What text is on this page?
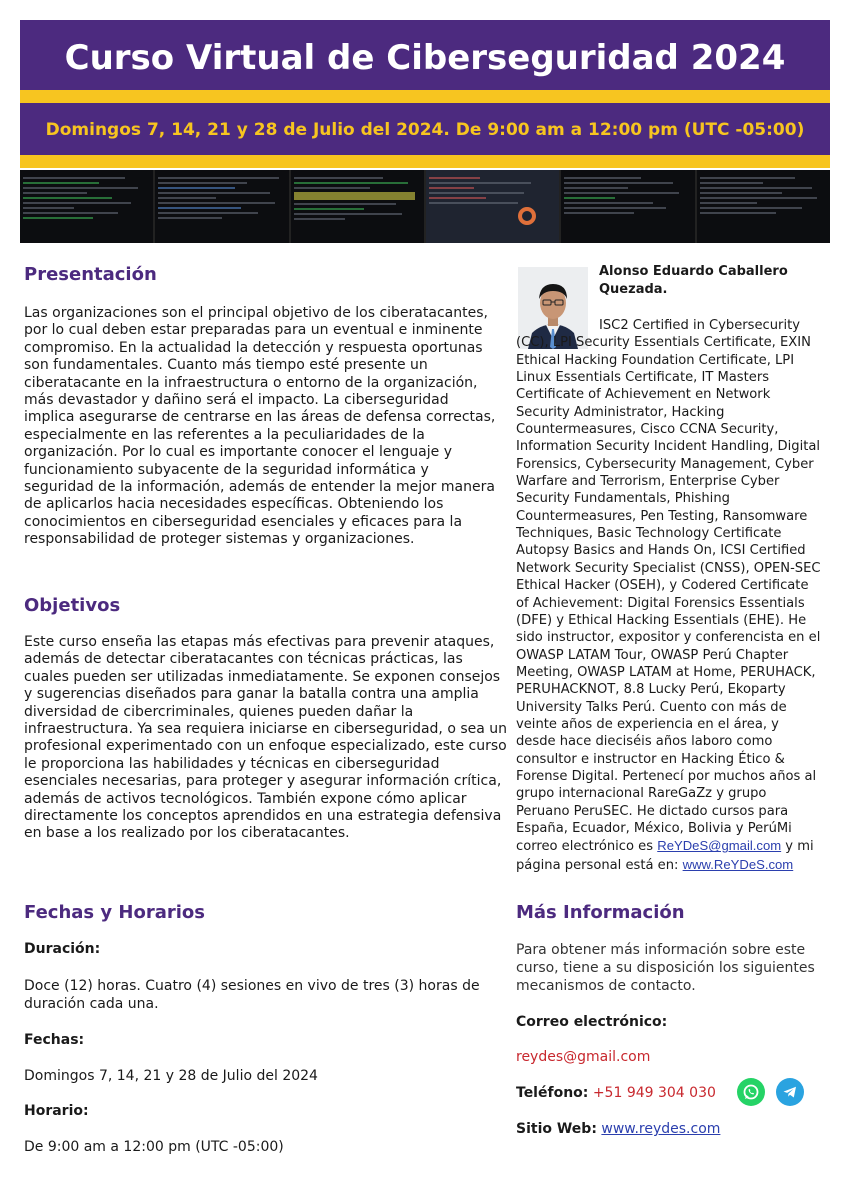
Curso Virtual de Ciberseguridad 2024
Domingos 7, 14, 21 y 28 de Julio del 2024. De 9:00 am a 12:00 pm (UTC -05:00)
Presentación

Las organizaciones son el principal objetivo de los ciberatacantes, por lo cual deben estar preparadas para un eventual e inminente compromiso. En la actualidad la detección y respuesta oportunas son fundamentales. Cuanto más tiempo esté presente un ciberatacante en la infraestructura o entorno de la organización, más devastador y dañino será el impacto. La ciberseguridad implica asegurarse de centrarse en las áreas de defensa correctas, especialmente en las referentes a la peculiaridades de la organización. Por lo cual es importante conocer el lenguaje y funcionamiento subyacente de la seguridad informática y seguridad de la información, además de entender la mejor manera de aplicarlos hacia necesidades específicas. Obteniendo los conocimientos en ciberseguridad esenciales y eficaces para la responsabilidad de proteger sistemas y organizaciones.

Objetivos

Este curso enseña las etapas más efectivas para prevenir ataques, además de detectar ciberatacantes con técnicas prácticas, las cuales pueden ser utilizadas inmediatamente. Se exponen consejos y sugerencias diseñados para ganar la batalla contra una amplia diversidad de cibercriminales, quienes pueden dañar la infraestructura. Ya sea requiera iniciarse en ciberseguridad, o sea un profesional experimentado con un enfoque especializado, este curso le proporciona las habilidades y técnicas en ciberseguridad esenciales necesarias, para proteger y asegurar información crítica, además de activos tecnológicos. También expone cómo aplicar directamente los conceptos aprendidos en una estrategia defensiva en base a los realizado por los ciberatacantes.

Fechas y Horarios

Duración:

Doce (12) horas. Cuatro (4) sesiones en vivo de tres (3) horas de duración cada una.

Fechas:

Domingos 7, 14, 21 y 28 de Julio del 2024

Horario:

De 9:00 am a 12:00 pm (UTC -05:00)

Alonso Eduardo Caballero Quezada.

ISC2 Certified in Cybersecurity
(CC), LPI Security Essentials Certificate, EXIN Ethical Hacking Foundation Certificate, LPI Linux Essentials Certificate, IT Masters Certificate of Achievement en Network Security Administrator, Hacking Countermeasures, Cisco CCNA Security, Information Security Incident Handling, Digital Forensics, Cybersecurity Management, Cyber Warfare and Terrorism, Enterprise Cyber Security Fundamentals, Phishing Countermeasures, Pen Testing, Ransomware Techniques, Basic Technology Certificate Autopsy Basics and Hands On, ICSI Certified Network Security Specialist (CNSS), OPEN-SEC Ethical Hacker (OSEH), y Codered Certificate of Achievement: Digital Forensics Essentials (DFE) y Ethical Hacking Essentials (EHE). He sido instructor, expositor y conferencista en el OWASP LATAM Tour, OWASP Perú Chapter Meeting, OWASP LATAM at Home, PERUHACK, PERUHACKNOT, 8.8 Lucky Perú, Ekoparty University Talks Perú. Cuento con más de veinte años de experiencia en el área, y desde hace dieciséis años laboro como consultor e instructor en Hacking Ético & Forense Digital. Pertenecí por muchos años al grupo internacional RareGaZz y grupo Peruano PeruSEC. He dictado cursos para España, Ecuador, México, Bolivia y PerúMi correo electrónico es ReYDeS@gmail.com y mi página personal está en: www.ReYDeS.com

Más Información

Para obtener más información sobre este curso, tiene a su disposición los siguientes mecanismos de contacto.

Correo electrónico:

reydes@gmail.com

Teléfono: +51 949 304 030

Sitio Web: www.reydes.com
